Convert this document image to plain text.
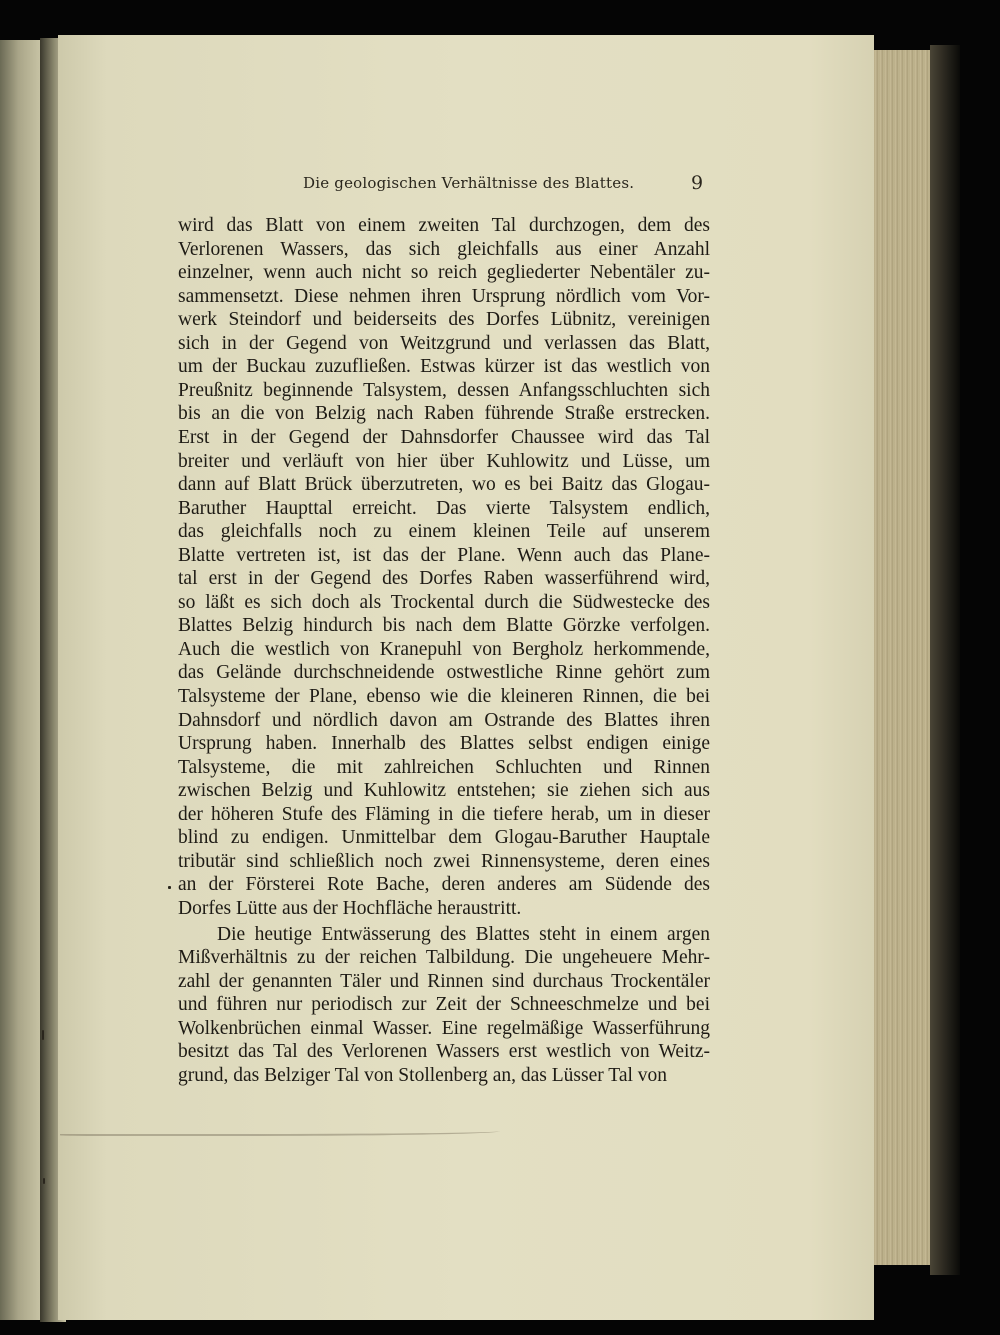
Die geologischen Verhältnisse des Blattes.	9
wird das Blatt von einem zweiten Tal durchzogen, dem des
Verlorenen Wassers, das sich gleichfalls aus einer Anzahl
einzelner, wenn auch nicht so reich gegliederter Nebentäler zu-
sammensetzt. Diese nehmen ihren Ursprung nördlich vom Vor-
werk Steindorf und beiderseits des Dorfes Lübnitz, vereinigen
sich in der Gegend von Weitzgrund und verlassen das Blatt,
um der Buckau zuzufließen. Estwas kürzer ist das westlich von
Preußnitz beginnende Talsystem, dessen Anfangsschluchten sich
bis an die von Belzig nach Raben führende Straße erstrecken.
Erst in der Gegend der Dahnsdorfer Chaussee wird das Tal
breiter und verläuft von hier über Kuhlowitz und Lüsse, um
dann auf Blatt Brück überzutreten, wo es bei Baitz das Glogau-
Baruther Haupttal erreicht. Das vierte Talsystem endlich,
das gleichfalls noch zu einem kleinen Teile auf unserem
Blatte vertreten ist, ist das der Plane. Wenn auch das Plane-
tal erst in der Gegend des Dorfes Raben wasserführend wird,
so läßt es sich doch als Trockental durch die Südwestecke des
Blattes Belzig hindurch bis nach dem Blatte Görzke verfolgen.
Auch die westlich von Kranepuhl von Bergholz herkommende,
das Gelände durchschneidende ostwestliche Rinne gehört zum
Talsysteme der Plane, ebenso wie die kleineren Rinnen, die bei
Dahnsdorf und nördlich davon am Ostrande des Blattes ihren
Ursprung haben. Innerhalb des Blattes selbst endigen einige
Talsysteme, die mit zahlreichen Schluchten und Rinnen
zwischen Belzig und Kuhlowitz entstehen; sie ziehen sich aus
der höheren Stufe des Fläming in die tiefere herab, um in dieser
blind zu endigen. Unmittelbar dem Glogau-Baruther Hauptale
tributär sind schließlich noch zwei Rinnensysteme, deren eines
an der Försterei Rote Bache, deren anderes am Südende des
Dorfes Lütte aus der Hochfläche heraustritt.
Die heutige Entwässerung des Blattes steht in einem argen
Mißverhältnis zu der reichen Talbildung. Die ungeheuere Mehr-
zahl der genannten Täler und Rinnen sind durchaus Trockentäler
und führen nur periodisch zur Zeit der Schneeschmelze und bei
Wolkenbrüchen einmal Wasser. Eine regelmäßige Wasserführung
besitzt das Tal des Verlorenen Wassers erst westlich von Weitz-
grund, das Belziger Tal von Stollenberg an, das Lüsser Tal von
